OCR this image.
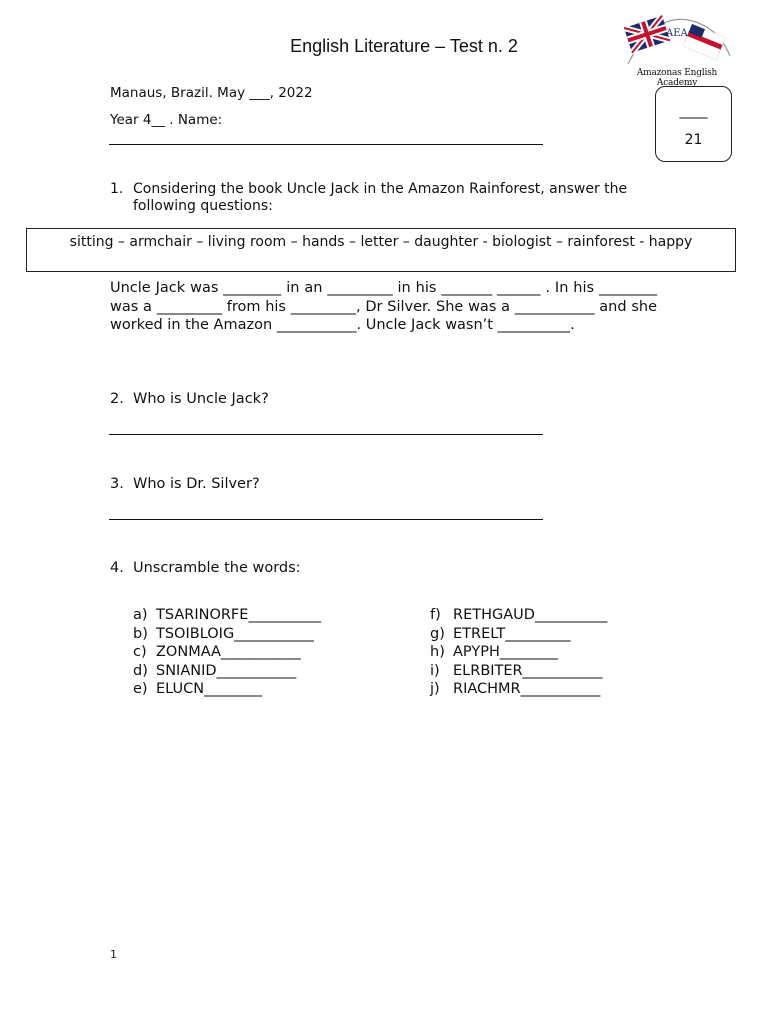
English Literature – Test n. 2
AEA
Amazonas English Academy
Manaus, Brazil. May ___, 2022
Year 4__ . Name:
____
21
1. Considering the book Uncle Jack in the Amazon Rainforest, answer the following questions:
sitting – armchair – living room – hands – letter – daughter - biologist – rainforest - happy
Uncle Jack was ________ in an _________ in his _______ ______ . In his ________ was a _________ from his _________, Dr Silver. She was a ___________ and she worked in the Amazon ___________. Uncle Jack wasn’t __________.
2. Who is Uncle Jack?
3. Who is Dr. Silver?
4. Unscramble the words:
a) TSARINORFE__________
b) TSOIBLOIG___________
c) ZONMAA___________
d) SNIANID___________
e) ELUCN________
f) RETHGAUD__________
g) ETRELT_________
h) APYPH________
i) ELRBITER___________
j) RIACHMR___________
1
